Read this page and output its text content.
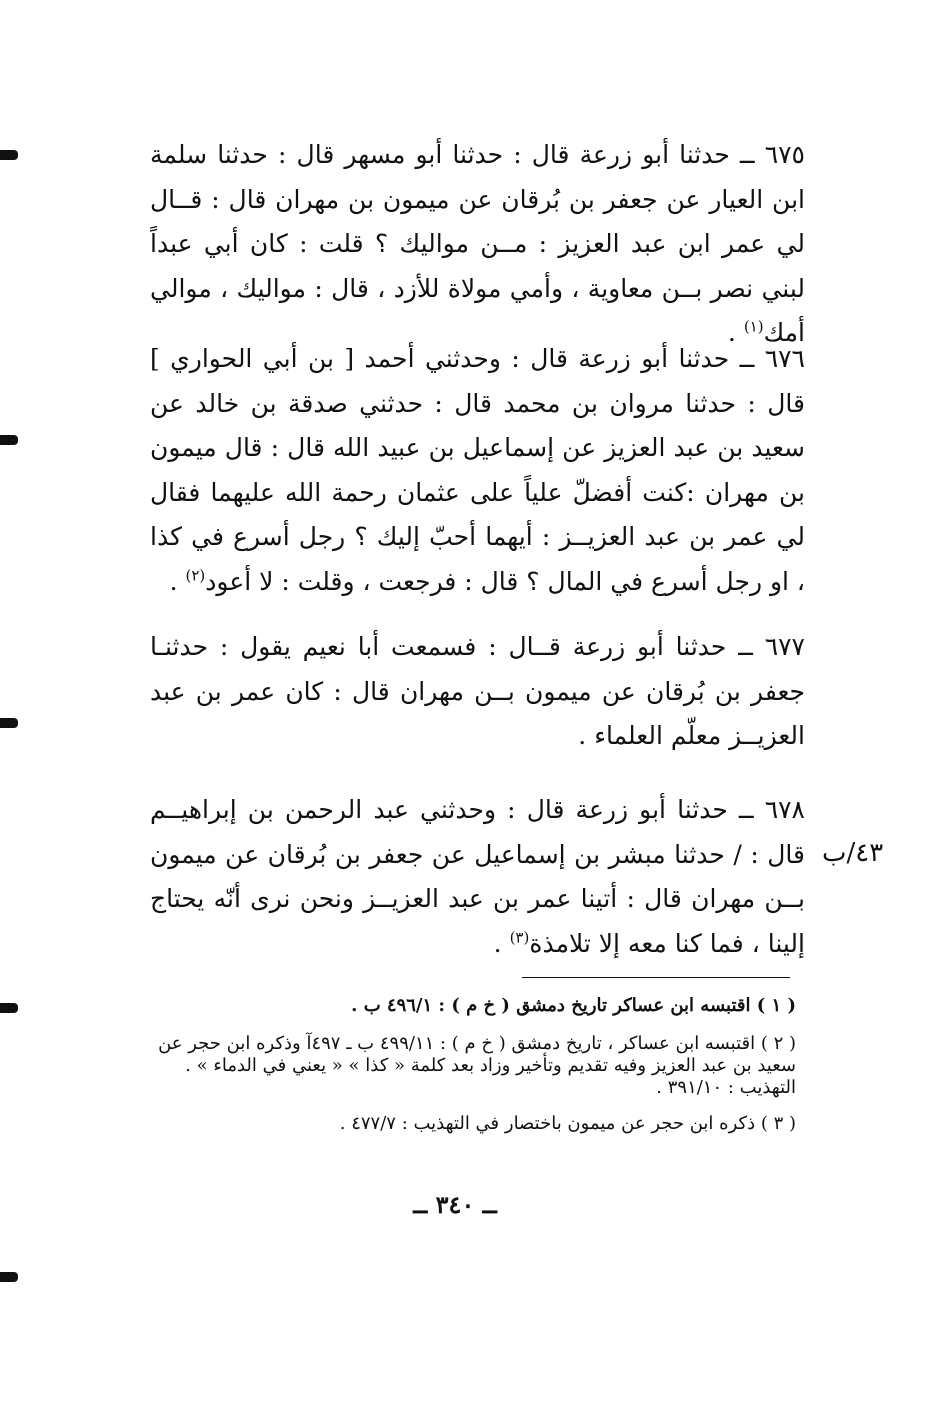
٦٧٥ ــ حدثنا أبو زرعة قال : حدثنا أبو مسهر قال : حدثنا سلمة ابن العيار عن جعفر بن بُرقان عن ميمون بن مهران قال : قــال لي عمر ابن عبد العزيز : مــن مواليك ؟ قلت : كان أبي عبداً لبني نصر بــن معاوية ، وأمي مولاة للأزد ، قال : مواليك ، موالي أمك$^{(١)}$ .
٦٧٦ ــ حدثنا أبو زرعة قال : وحدثني أحمد [ بن أبي الحواري ] قال : حدثنا مروان بن محمد قال : حدثني صدقة بن خالد عن سعيد بن عبد العزيز عن إسماعيل بن عبيد الله قال : قال ميمون بن مهران :كنت أفضلّ علياً على عثمان رحمة الله عليهما فقال لي عمر بن عبد العزيــز : أيهما أحبّ إليك ؟ رجل أسرع في كذا ، او رجل أسرع في المال ؟ قال : فرجعت ، وقلت : لا أعود$^{(٢)}$ .
٦٧٧ ــ حدثنا أبو زرعة قــال : فسمعت أبا نعيم يقول : حدثنـا جعفر بن بُرقان عن ميمون بــن مهران قال : كان عمر بن عبد العزيــز معلّم العلماء .
٦٧٨ ــ حدثنا أبو زرعة قال : وحدثني عبد الرحمن بن إبراهيــم قال : / حدثنا مبشر بن إسماعيل عن جعفر بن بُرقان عن ميمون بــن مهران قال : أتينا عمر بن عبد العزيــز ونحن نرى أنّه يحتاج إلينا ، فما كنا معه إلا تلامذة$^{(٣)}$ .
٤٣/ب

( ١ ) اقتبسه ابن عساكر تاريخ دمشق ( خ م ) : ٤٩٦/١ ب .

( ٢ ) اقتبسه ابن عساكر ، تاريخ دمشق ( خ م ) : ٤٩٩/١١ ب ـ ٤٩٧آ وذكره ابن حجر عن سعيد بن عبد العزيز وفيه تقديم وتأخير وزاد بعد كلمة « كذا » « يعني في الدماء » . التهذيب : ٣٩١/١٠ .

( ٣ ) ذكره ابن حجر عن ميمون باختصار في التهذيب : ٤٧٧/٧ .

ــ ٣٤٠ ــ
